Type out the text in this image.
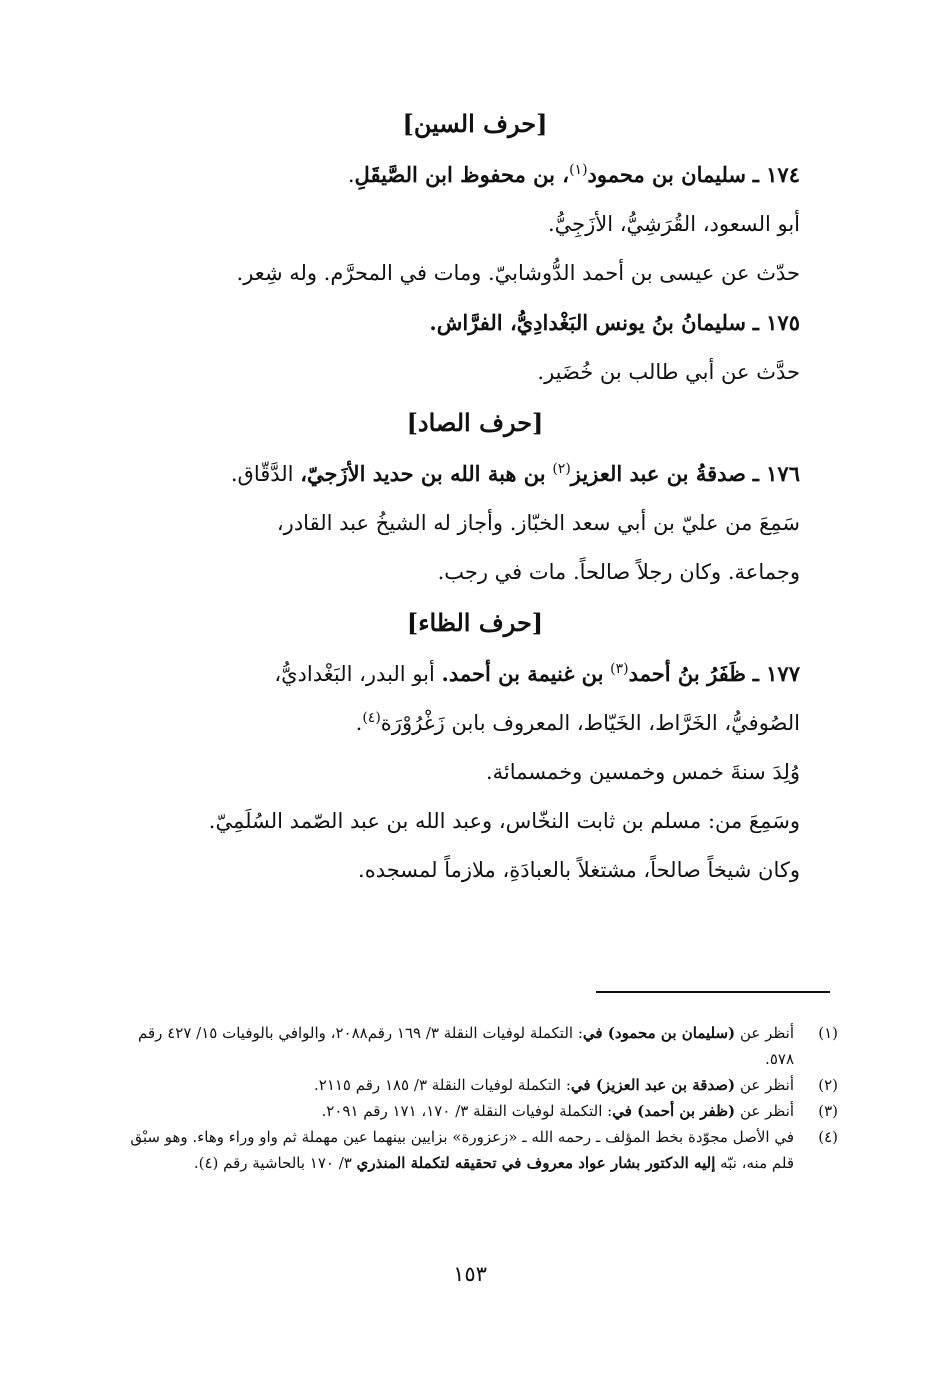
[حرف السين]
١٧٤ ـ سليمان بن محمود$^{(١)}$، بن محفوظ ابن الصَّيقَلِ.
أبو السعود، القُرَشِيُّ، الأزَجِيُّ.
حدّث عن عيسى بن أحمد الدُّوشابيّ. ومات في المحرَّم. وله شِعر.
١٧٥ ـ سليمانُ بنُ يونس البَغْدادِيُّ، الفرَّاش.
حدَّث عن أبي طالب بن خُضَير.
[حرف الصاد]
١٧٦ ـ صدقةُ بن عبد العزيز$^{(٢)}$ بن هبة الله بن حديد الأزَجيّ، الدَّقّاق.
سَمِعَ من عليّ بن أبي سعد الخبّاز. وأجاز له الشيخُ عبد القادر،
وجماعة. وكان رجلاً صالحاً. مات في رجب.
[حرف الظاء]
١٧٧ ـ ظَفَرُ بنُ أحمد$^{(٣)}$ بن غنيمة بن أحمد. أبو البدر، البَغْداديُّ،
الصُوفيُّ، الخَرَّاط، الخَيّاط، المعروف بابن زَغْرُوْرَة$^{(٤)}$.
وُلِدَ سنةَ خمس وخمسين وخمسمائة.
وسَمِعَ من: مسلم بن ثابت النخّاس، وعبد الله بن عبد الصّمد السُلَمِيّ.
وكان شيخاً صالحاً، مشتغلاً بالعبادَةِ، ملازماً لمسجده.
(١)
أنظر عن (سليمان بن محمود) في: التكملة لوفيات النقلة ٣/ ١٦٩ رقم٢٠٨٨، والوافي بالوفيات ١٥/ ٤٢٧ رقم ٥٧٨.
(٢)
أنظر عن (صدقة بن عبد العزيز) في: التكملة لوفيات النقلة ٣/ ١٨٥ رقم ٢١١٥.
(٣)
أنظر عن (ظفر بن أحمد) في: التكملة لوفيات النقلة ٣/ ١٧٠، ١٧١ رقم ٢٠٩١.
(٤)
في الأصل مجوّدة بخط المؤلف ـ رحمه الله ـ «زعزورة» بزايين بينهما عين مهملة ثم واو وراء وهاء. وهو سبْق قلم منه، نبّه إليه الدكتور بشار عواد معروف في تحقيقه لتكملة المنذري ٣/ ١٧٠ بالحاشية رقم (٤).
١٥٣
